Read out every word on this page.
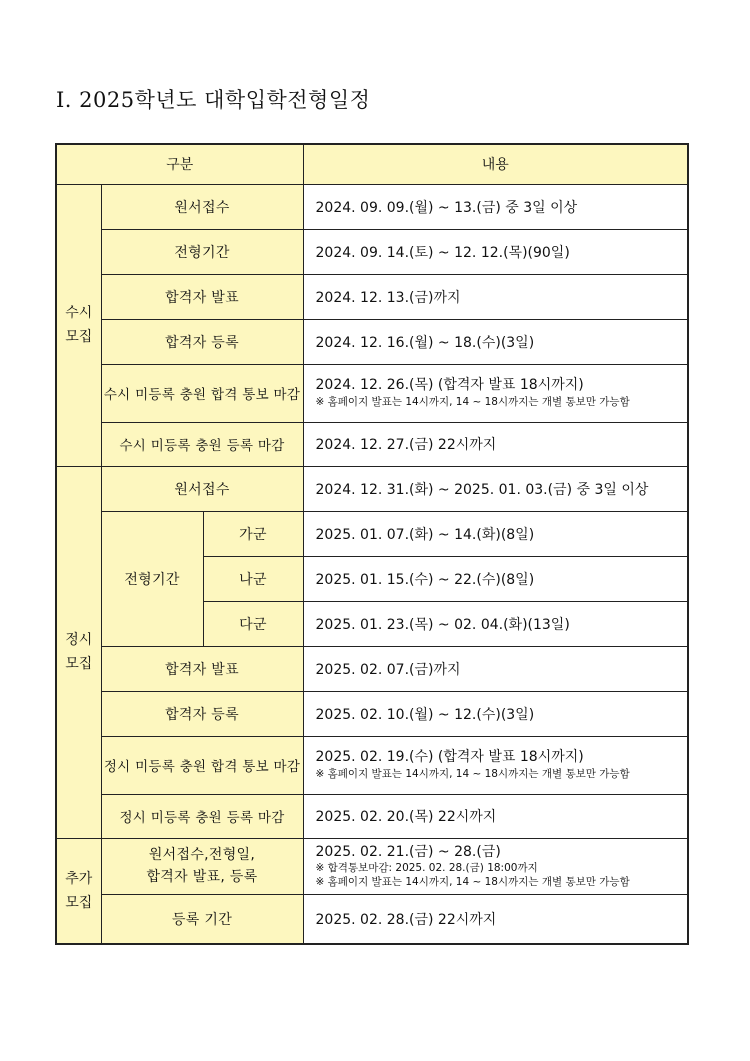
I. 2025학년도 대학입학전형일정
구분			내용
수시
모집	원서접수		2024. 09. 09.(월) ~ 13.(금) 중 3일 이상
	전형기간		2024. 09. 14.(토) ~ 12. 12.(목)(90일)
	합격자 발표		2024. 12. 13.(금)까지
	합격자 등록		2024. 12. 16.(월) ~ 18.(수)(3일)
	수시 미등록 충원 합격 통보 마감		2024. 12. 26.(목) (합격자 발표 18시까지)
※ 홈페이지 발표는 14시까지, 14 ~ 18시까지는 개별 통보만 가능함

	수시 미등록 충원 등록 마감		2024. 12. 27.(금) 22시까지
정시
모집	원서접수		2024. 12. 31.(화) ~ 2025. 01. 03.(금) 중 3일 이상
	전형기간	가군	2025. 01. 07.(화) ~ 14.(화)(8일)
		나군	2025. 01. 15.(수) ~ 22.(수)(8일)
		다군	2025. 01. 23.(목) ~ 02. 04.(화)(13일)
	합격자 발표		2025. 02. 07.(금)까지
	합격자 등록		2025. 02. 10.(월) ~ 12.(수)(3일)
	정시 미등록 충원 합격 통보 마감		2025. 02. 19.(수) (합격자 발표 18시까지)
※ 홈페이지 발표는 14시까지, 14 ~ 18시까지는 개별 통보만 가능함

	정시 미등록 충원 등록 마감		2025. 02. 20.(목) 22시까지
추가
모집	원서접수,전형일,
합격자 발표, 등록		2025. 02. 21.(금) ~ 28.(금)
※ 합격통보마감: 2025. 02. 28.(금) 18:00까지
※ 홈페이지 발표는 14시까지, 14 ~ 18시까지는 개별 통보만 가능함

	등록 기간		2025. 02. 28.(금) 22시까지
